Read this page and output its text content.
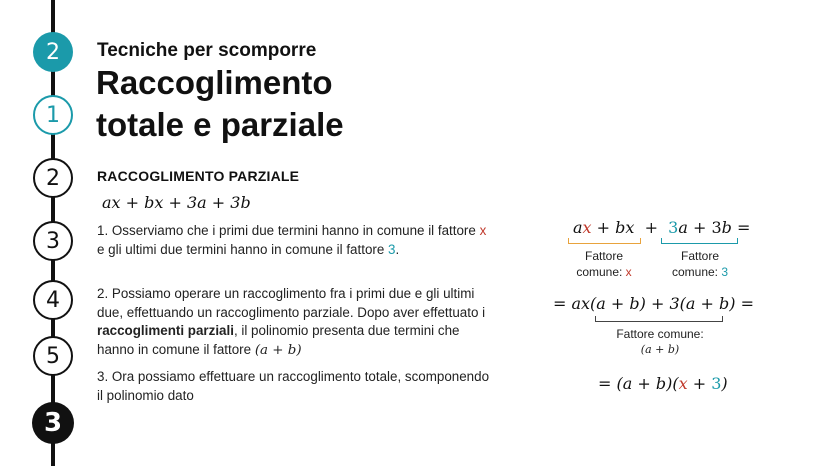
2
1
2
3
4
5
3
Tecniche per scomporre
Raccoglimento
totale e parziale
RACCOGLIMENTO PARZIALE
ax + bx + 3a + 3b
1. Osserviamo che i primi due termini hanno in comune il fattore x e gli ultimi due termini hanno in comune il fattore 3.
2. Possiamo operare un raccoglimento fra i primi due e gli ultimi due, effettuando un raccoglimento parziale. Dopo aver effettuato i raccoglimenti parziali, il polinomio presenta due termini che hanno in comune il fattore (a + b)
3. Ora possiamo effettuare un raccoglimento totale, scomponendo il polinomio dato
ax + bx  +  3a + 3b =
Fattore
comune: x
Fattore
comune: 3
= ax(a + b) + 3(a + b) =
Fattore comune:
(a + b)
= (a + b)(x + 3)
